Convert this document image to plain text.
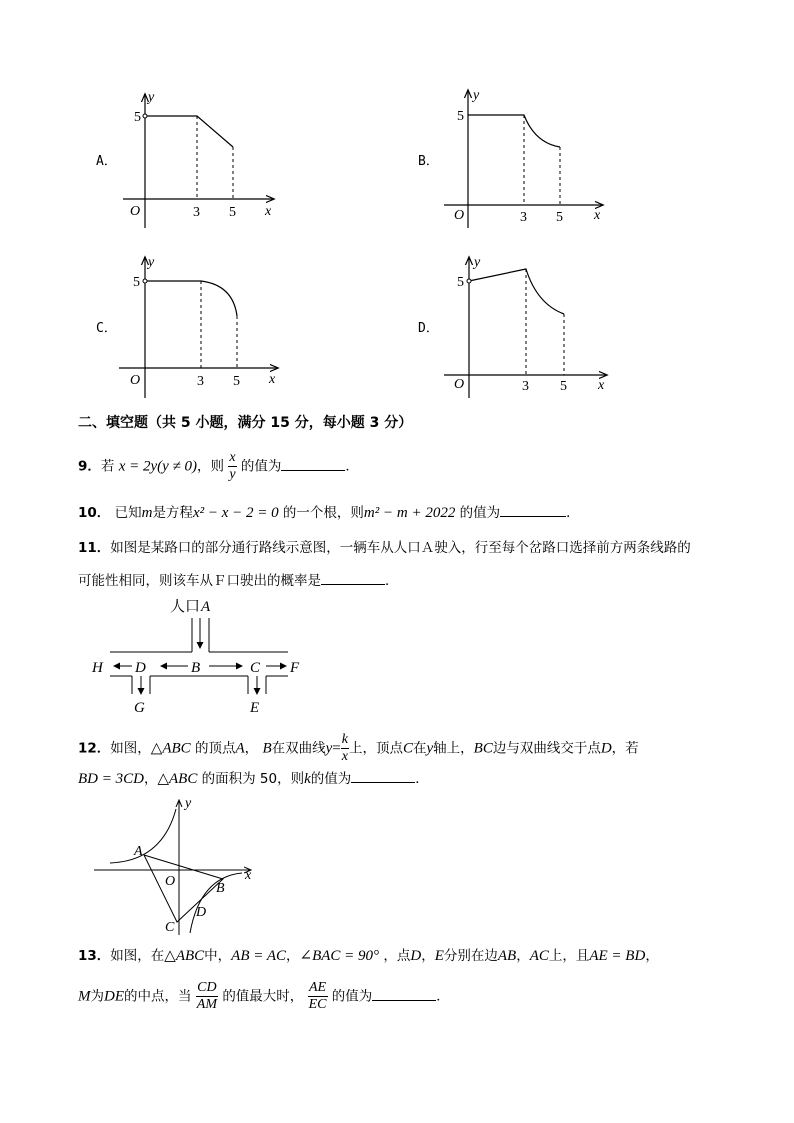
A．	B．
C．	D．
y
x
O
5
3 5
y
x
O
5
3 5
y
x
O
5
3 5
y
x
O
5
3 5
二、填空题（共 5 小题，满分 15 分，每小题 3 分）
9．若 x = 2y(y ≠ 0)，则 $\frac{x}{y}$ 的值为	．
10． 已知m是方程x² − x − 2 = 0 的一个根，则m² − m + 2022 的值为	．
11．如图是某路口的部分通行路线示意图，一辆车从人口Ａ驶入，行至每个岔路口选择前方两条线路的
可能性相同，则该车从Ｆ口驶出的概率是	．
人口 A
H D	B	C F
G	E
12．如图，△ABC 的顶点A， B在双曲线$y= \frac{k}{x}$ 上，顶点C在y轴上，BC边与双曲线交于点D，若
BD = 3CD，△ABC 的面积为 50，则k的值为	．
A
O
y
x
B
D
C
13．如图，在△ABC中，AB = AC，∠BAC = 90° ，点D，E分别在边AB，AC上，且AE = BD，
M为DE的中点，当 $\frac{CD}{AM}$ 的值最大时， $\frac{AE}{EC}$ 的值为	．
